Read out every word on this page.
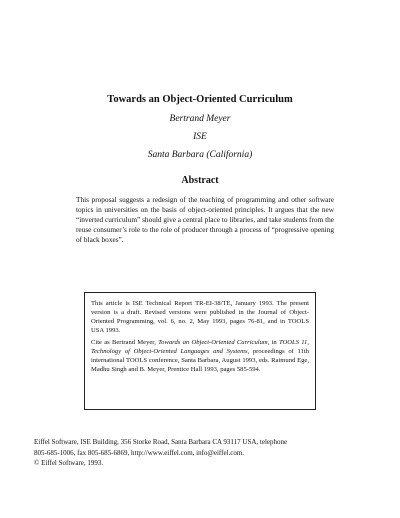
Towards an Object-Oriented Curriculum
Bertrand Meyer
ISE
Santa Barbara (California)
Abstract
This proposal suggests a redesign of the teaching of programming and other software topics in universities on the basis of object-oriented principles. It argues that the new “inverted curriculum” should give a central place to libraries, and take students from the reuse consumer’s role to the role of producer through a process of “progressive opening of black boxes”.

This article is ISE Technical Report TR-EI-38/TE, January 1993. The present version is a draft. Revised versions were published in the Journal of Object-Oriented Programming, vol. 6, no. 2, May 1993, pages 76-81, and in TOOLS USA 1993.

Cite as Bertrand Meyer, Towards an Object-Oriented Curriculum, in TOOLS 11, Technology of Object-Oriented Languages and Systems, proceedings of 11th international TOOLS conference, Santa Barbara, August 1993, eds. Raimund Ege, Madhu Singh and B. Meyer, Prentice Hall 1993, pages 585-594.

Eiffel Software, ISE Building, 356 Storke Road, Santa Barbara CA 93117 USA, telephone
805-685-1006, fax 805-685-6869, http://www.eiffel.com, info@eiffel.com.
© Eiffel Software, 1993.
